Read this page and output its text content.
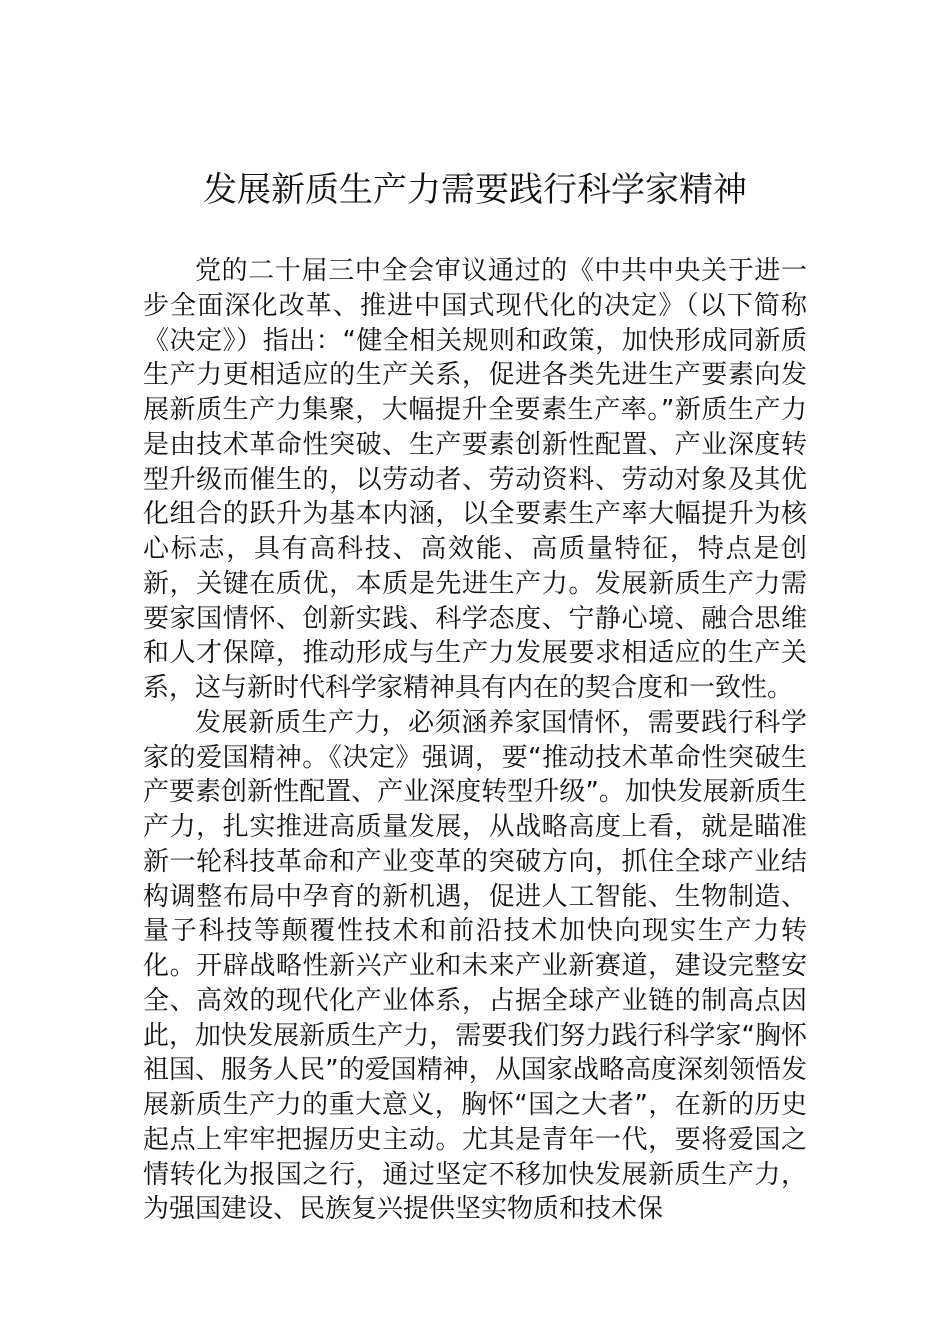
发展新质生产力需要践行科学家精神

党的二十届三中全会审议通过的《中共中央关于进一步全面深化改革、推进中国式现代化的决定》（以下简称《决定》）指出：“健全相关规则和政策，加快形成同新质生产力更相适应的生产关系，促进各类先进生产要素向发展新质生产力集聚，大幅提升全要素生产率。”新质生产力是由技术革命性突破、生产要素创新性配置、产业深度转型升级而催生的，以劳动者、劳动资料、劳动对象及其优化组合的跃升为基本内涵，以全要素生产率大幅提升为核心标志，具有高科技、高效能、高质量特征，特点是创新，关键在质优，本质是先进生产力。发展新质生产力需要家国情怀、创新实践、科学态度、宁静心境、融合思维和人才保障，推动形成与生产力发展要求相适应的生产关系，这与新时代科学家精神具有内在的契合度和一致性。

发展新质生产力，必须涵养家国情怀，需要践行科学家的爱国精神。《决定》强调，要“推动技术革命性突破生产要素创新性配置、产业深度转型升级”。加快发展新质生产力，扎实推进高质量发展，从战略高度上看，就是瞄准新一轮科技革命和产业变革的突破方向，抓住全球产业结构调整布局中孕育的新机遇，促进人工智能、生物制造、量子科技等颠覆性技术和前沿技术加快向现实生产力转化。开辟战略性新兴产业和未来产业新赛道，建设完整安全、高效的现代化产业体系，占据全球产业链的制高点因此，加快发展新质生产力，需要我们努力践行科学家“胸怀祖国、服务人民”的爱国精神，从国家战略高度深刻领悟发展新质生产力的重大意义，胸怀“国之大者”，在新的历史起点上牢牢把握历史主动。尤其是青年一代，要将爱国之情转化为报国之行，通过坚定不移加快发展新质生产力，为强国建设、民族复兴提供坚实物质和技术保
